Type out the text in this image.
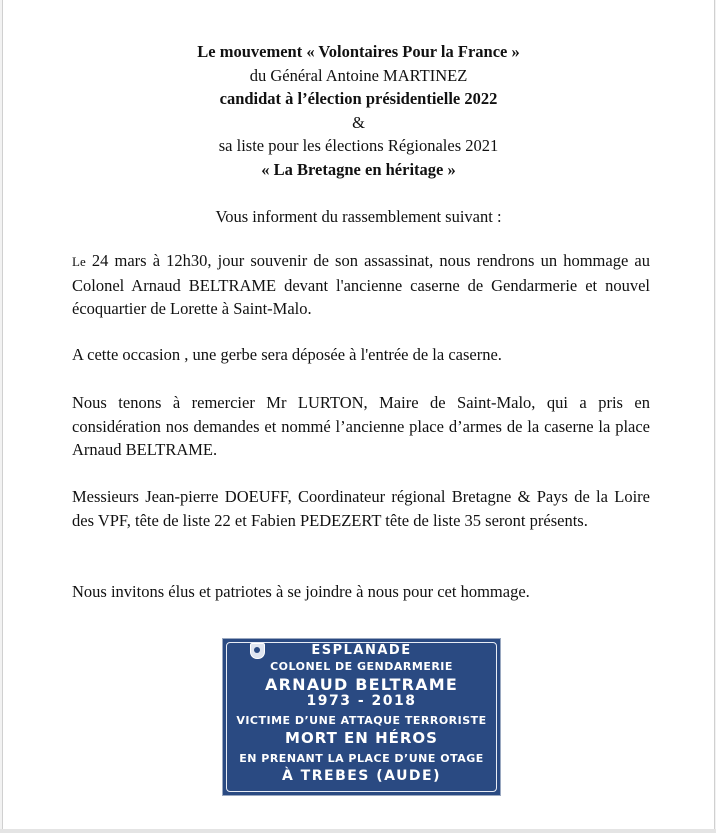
Le mouvement « Volontaires Pour la France »
du Général Antoine MARTINEZ
candidat à l’élection présidentielle 2022
&
sa liste pour les élections Régionales 2021
« La Bretagne en héritage »
Vous informent du rassemblement suivant :
Le 24 mars à 12h30, jour souvenir de son assassinat, nous rendrons un hommage au Colonel Arnaud BELTRAME devant l'ancienne caserne de Gendarmerie et nouvel écoquartier de Lorette à Saint-Malo.
A cette occasion , une gerbe sera déposée à l'entrée de la caserne.
Nous tenons à remercier Mr LURTON, Maire de Saint-Malo, qui a pris en considération nos demandes et nommé l’ancienne place d’armes de la caserne la place Arnaud BELTRAME.
Messieurs Jean-pierre DOEUFF, Coordinateur régional Bretagne & Pays de la Loire des VPF, tête de liste 22 et Fabien PEDEZERT tête de liste 35 seront présents.
Nous invitons élus et patriotes à se joindre à nous pour cet hommage.
ESPLANADE
COLONEL DE GENDARMERIE
ARNAUD BELTRAME
1973 - 2018
VICTIME D’UNE ATTAQUE TERRORISTE
MORT EN HÉROS
EN PRENANT LA PLACE D’UNE OTAGE
À TREBES (AUDE)
